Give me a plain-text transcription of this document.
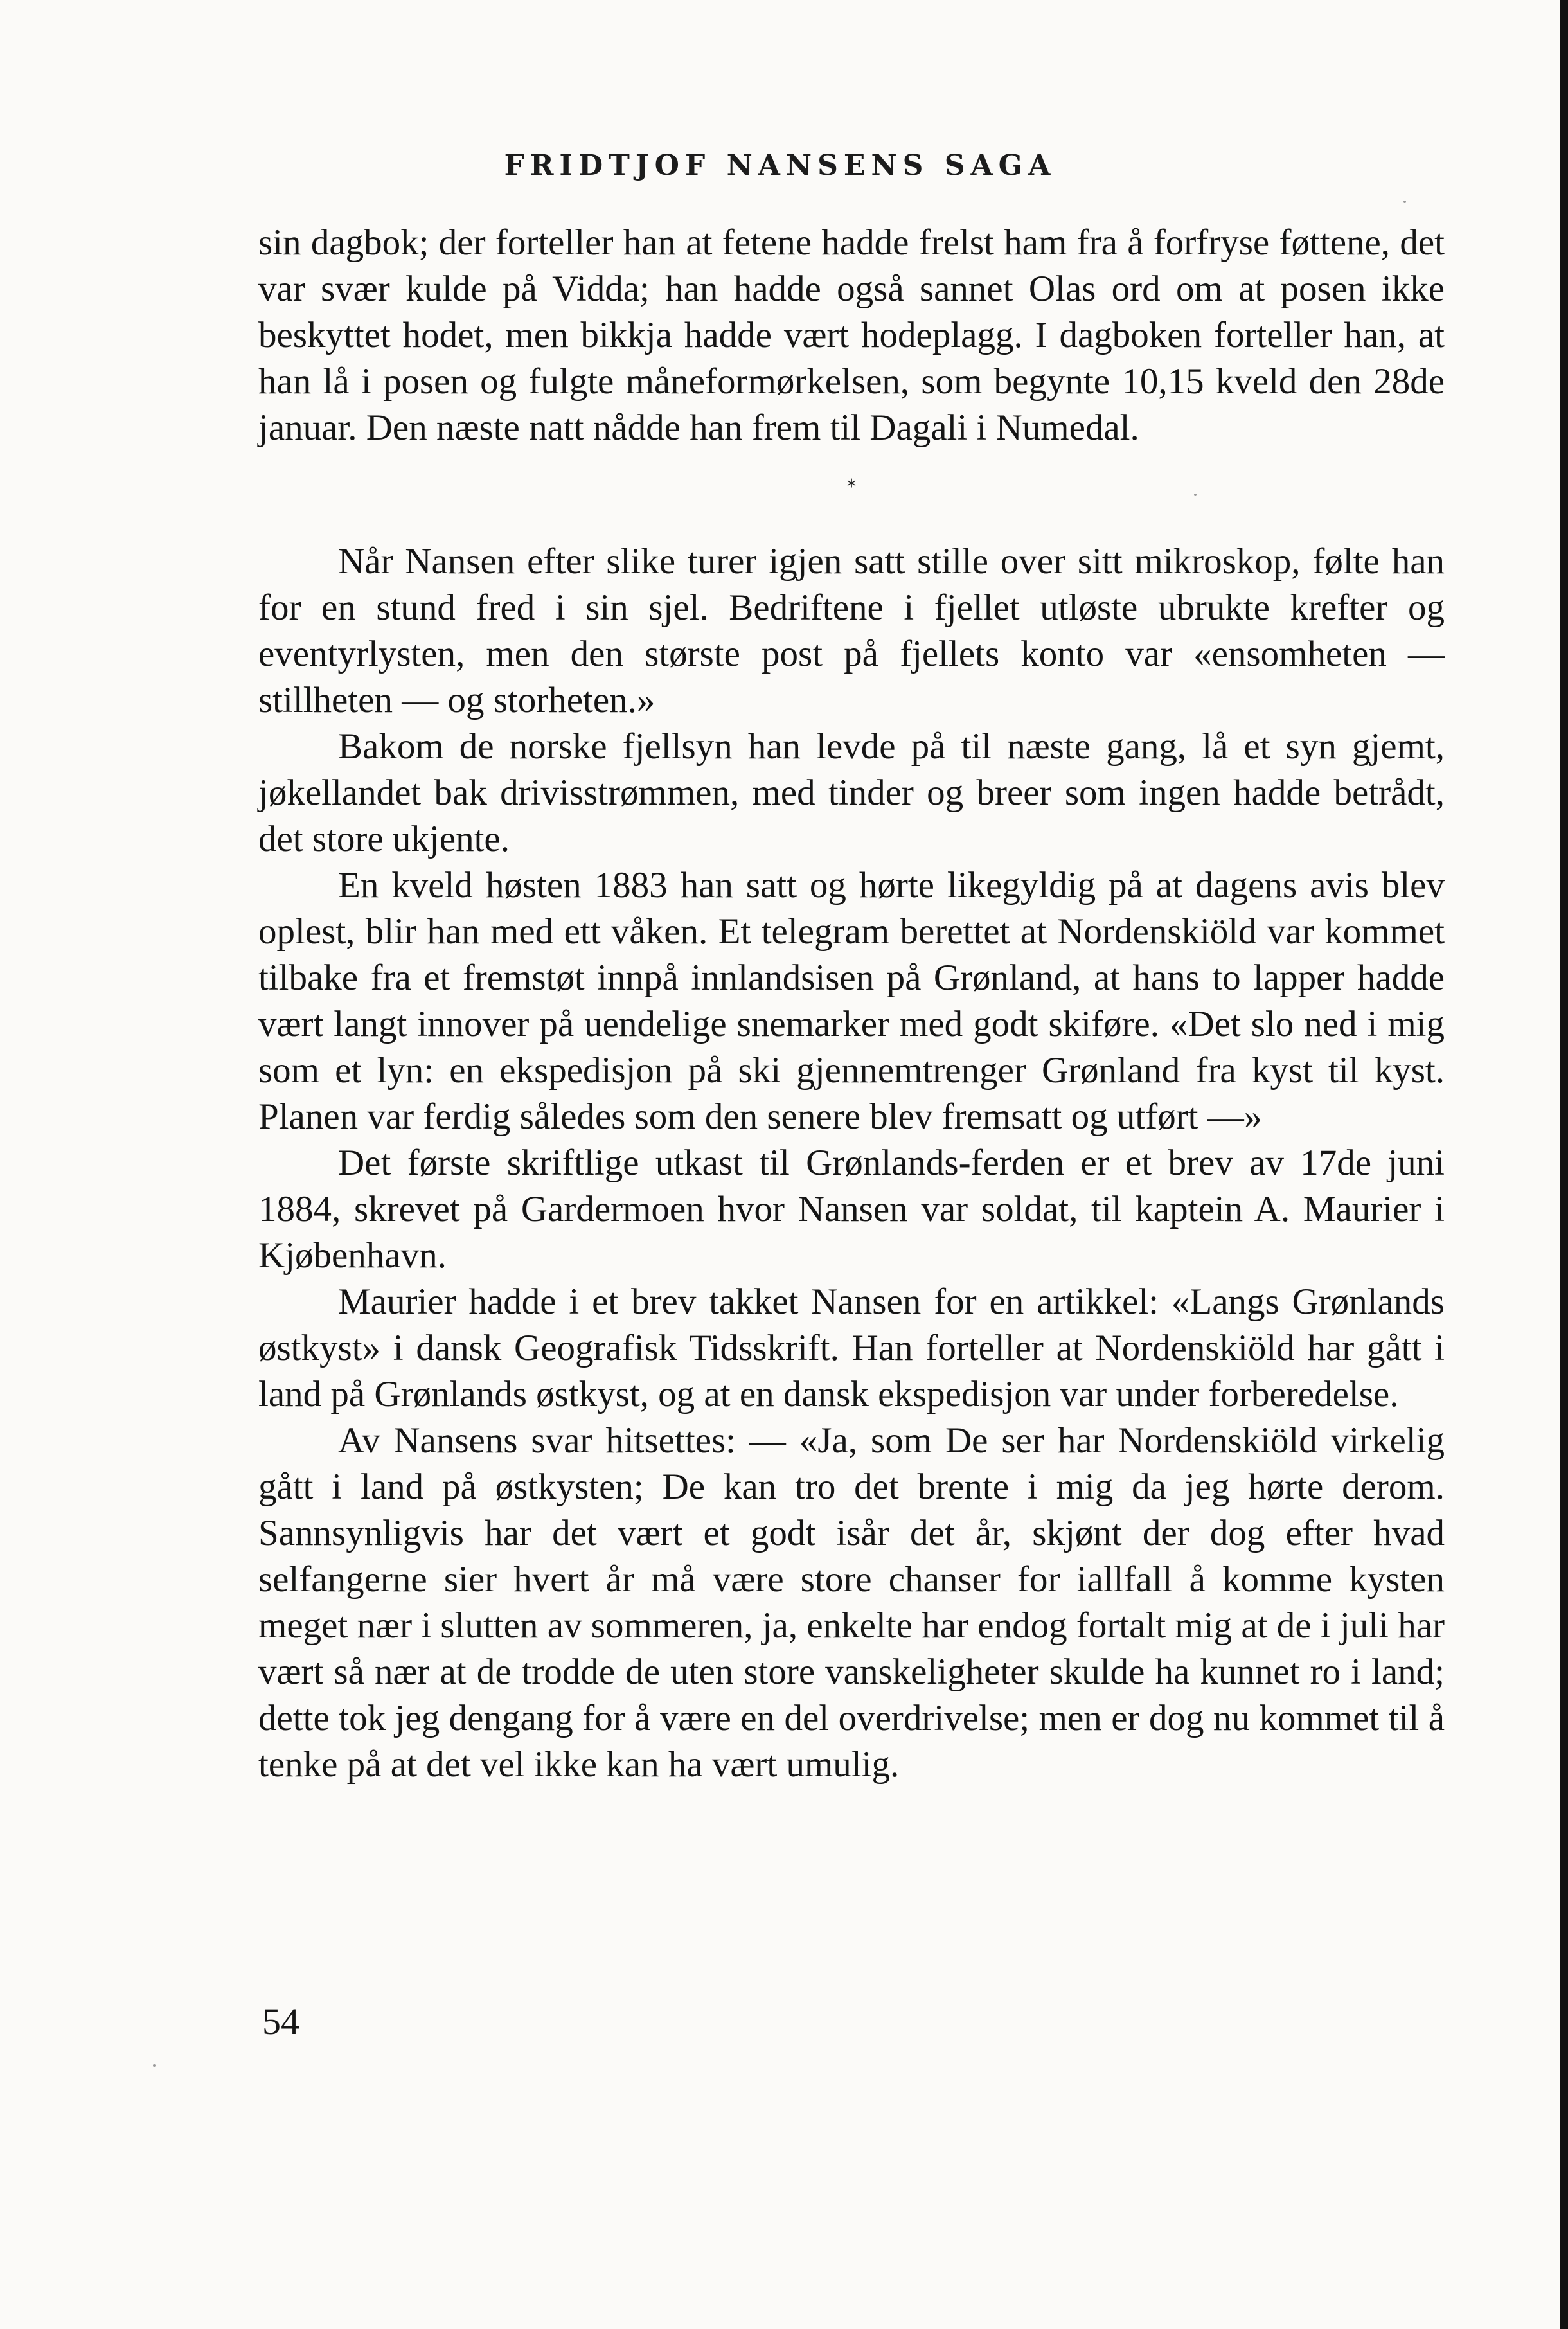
FRIDTJOF NANSENS SAGA

sin dagbok; der forteller han at fetene hadde frelst ham fra å forfryse føttene, det var svær kulde på Vidda; han hadde også sannet Olas ord om at posen ikke beskyttet hodet, men bikkja hadde vært hodeplagg. I dagboken forteller han, at han lå i posen og fulgte måneformørkelsen, som begynte 10,15 kveld den 28de januar. Den næste natt nådde han frem til Dagali i Numedal.

*

Når Nansen efter slike turer igjen satt stille over sitt mikroskop, følte han for en stund fred i sin sjel. Bedriftene i fjellet utløste ubrukte krefter og eventyrlysten, men den største post på fjellets konto var «ensomheten — stillheten — og storheten.»

Bakom de norske fjellsyn han levde på til næste gang, lå et syn gjemt, jøkellandet bak drivisstrømmen, med tinder og breer som ingen hadde betrådt, det store ukjente.

En kveld høsten 1883 han satt og hørte likegyldig på at dagens avis blev oplest, blir han med ett våken. Et telegram berettet at Nordenskiöld var kommet tilbake fra et fremstøt innpå innlandsisen på Grønland, at hans to lapper hadde vært langt innover på uendelige snemarker med godt skiføre. «Det slo ned i mig som et lyn: en ekspedisjon på ski gjennemtrenger Grønland fra kyst til kyst. Planen var ferdig således som den senere blev fremsatt og utført —»

Det første skriftlige utkast til Grønlands-ferden er et brev av 17de juni 1884, skrevet på Gardermoen hvor Nansen var soldat, til kaptein A. Maurier i Kjøbenhavn.

Maurier hadde i et brev takket Nansen for en artikkel: «Langs Grønlands østkyst» i dansk Geografisk Tidsskrift. Han forteller at Nordenskiöld har gått i land på Grønlands østkyst, og at en dansk ekspedisjon var under forberedelse.

Av Nansens svar hitsettes: — «Ja, som De ser har Nordenskiöld virkelig gått i land på østkysten; De kan tro det brente i mig da jeg hørte derom. Sannsynligvis har det vært et godt isår det år, skjønt der dog efter hvad selfangerne sier hvert år må være store chanser for iallfall å komme kysten meget nær i slutten av sommeren, ja, enkelte har endog fortalt mig at de i juli har vært så nær at de trodde de uten store vanskeligheter skulde ha kunnet ro i land; dette tok jeg dengang for å være en del overdrivelse; men er dog nu kommet til å tenke på at det vel ikke kan ha vært umulig.

54
